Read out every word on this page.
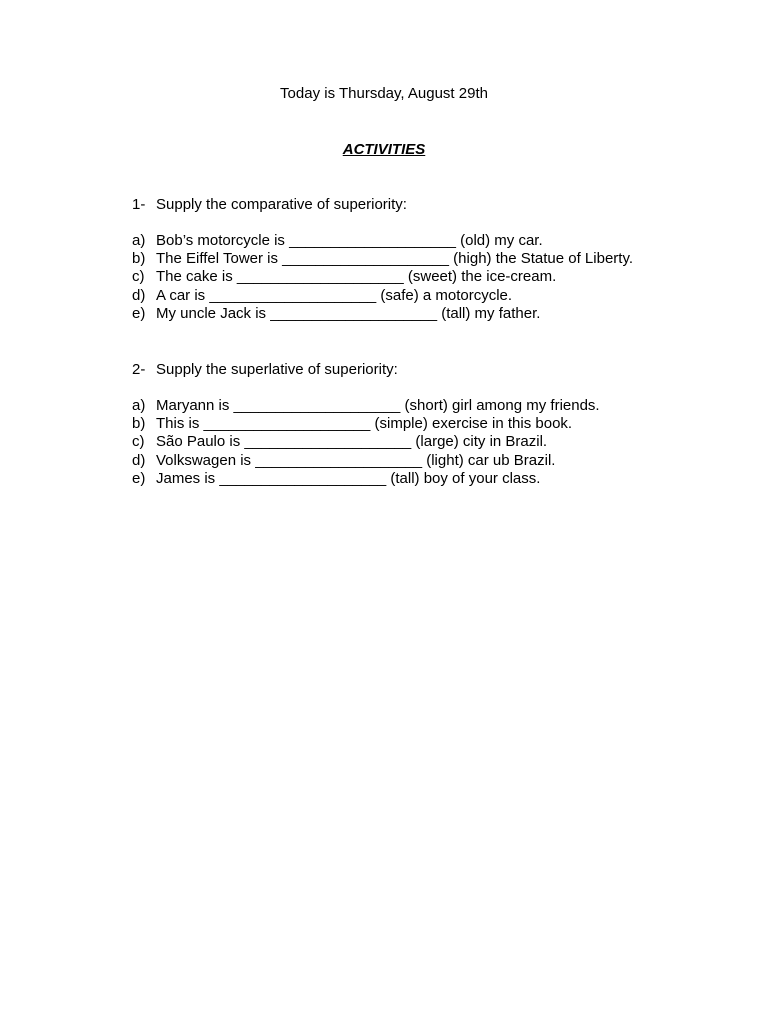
Today is Thursday, August 29th
ACTIVITIES
1- Supply the comparative of superiority:
a) Bob’s motorcycle is ____________________ (old) my car.
b) The Eiffel Tower is ____________________ (high) the Statue of Liberty.
c) The cake is ____________________ (sweet) the ice-cream.
d) A car is ____________________ (safe) a motorcycle.
e) My uncle Jack is ____________________ (tall) my father.
2- Supply the superlative of superiority:
a) Maryann is ____________________ (short) girl among my friends.
b) This is ____________________ (simple) exercise in this book.
c) São Paulo is ____________________ (large) city in Brazil.
d) Volkswagen is ____________________ (light) car ub Brazil.
e) James is ____________________ (tall) boy of your class.
